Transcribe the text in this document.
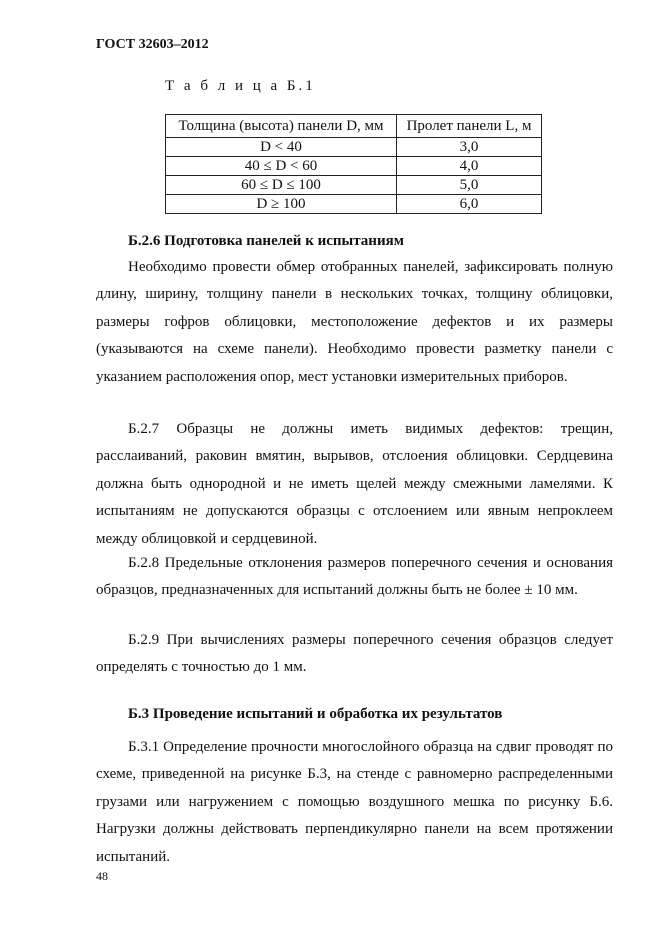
ГОСТ 32603–2012
Т а б л и ц а Б.1
Толщина (высота) панели D, мм	Пролет панели L, м
D < 40	3,0
40 ≤ D < 60	4,0
60 ≤ D ≤ 100	5,0
D ≥ 100	6,0
Б.2.6 Подготовка панелей к испытаниям

Необходимо провести обмер отобранных панелей, зафиксировать полную длину, ширину, толщину панели в нескольких точках, толщину облицовки, размеры гофров облицовки, местоположение дефектов и их размеры (указываются на схеме панели). Необходимо провести разметку панели с указанием расположения опор, мест установки измерительных приборов.

Б.2.7 Образцы не должны иметь видимых дефектов: трещин, расслаиваний, раковин вмятин, вырывов, отслоения облицовки. Сердцевина должна быть однородной и не иметь щелей между смежными ламелями. К испытаниям не допускаются образцы с отслоением или явным непроклеем между облицовкой и сердцевиной.

Б.2.8 Предельные отклонения размеров поперечного сечения и основания образцов, предназначенных для испытаний должны быть не более ± 10 мм.

Б.2.9 При вычислениях размеры поперечного сечения образцов следует определять с точностью до 1 мм.

Б.3 Проведение испытаний и обработка их результатов

Б.3.1 Определение прочности многослойного образца на сдвиг проводят по схеме, приведенной на рисунке Б.3, на стенде с равномерно распределенными грузами или нагружением с помощью воздушного мешка по рисунку Б.6. Нагрузки должны действовать перпендикулярно панели на всем протяжении испытаний.

48
